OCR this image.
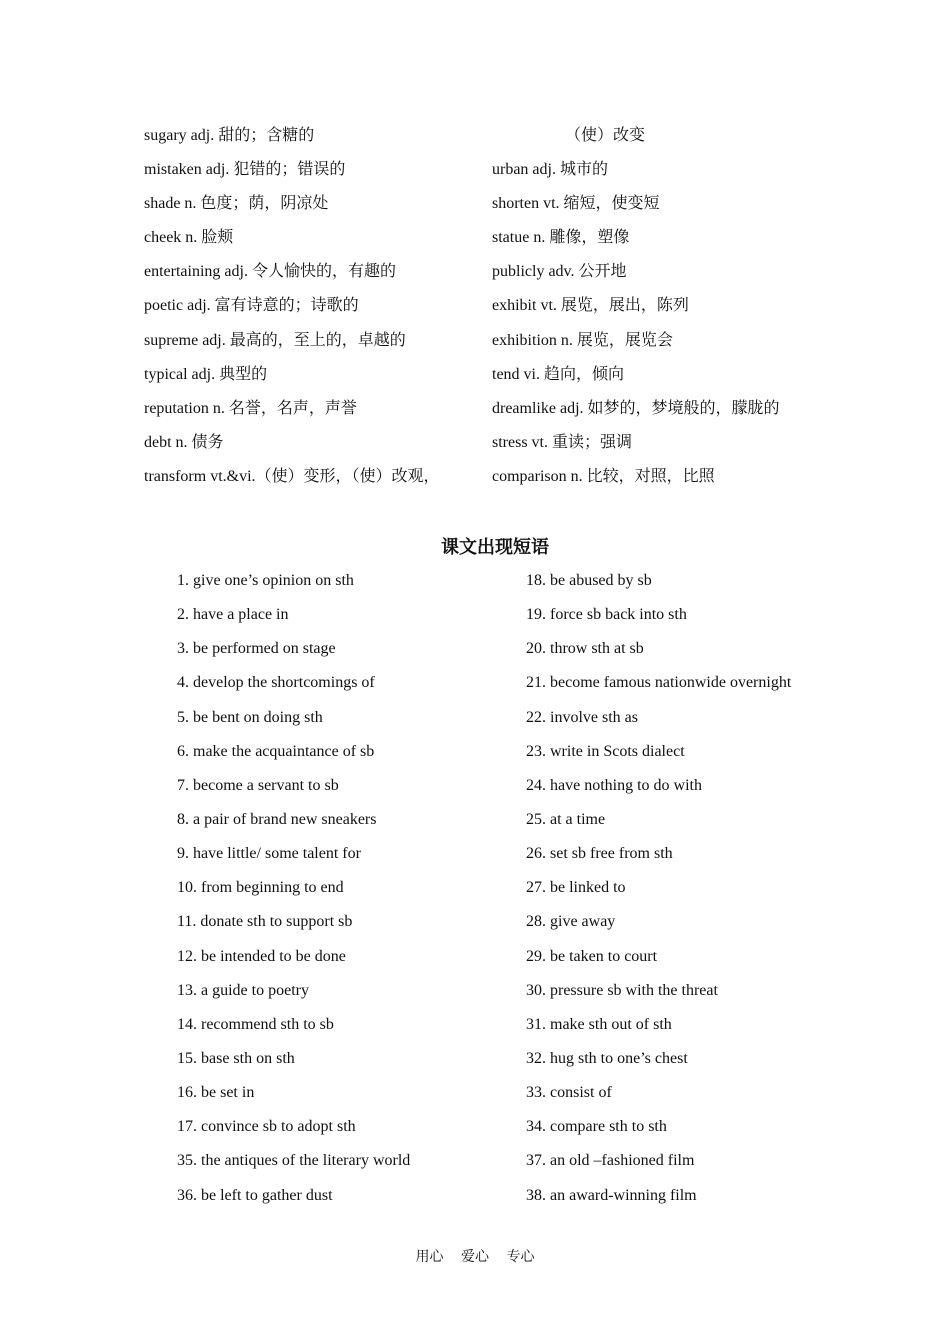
sugary adj. 甜的；含糖的	（使）改变
mistaken adj. 犯错的；错误的	urban adj. 城市的
shade n. 色度；荫，阴凉处	shorten vt. 缩短，使变短
cheek n. 脸颊	statue n. 雕像，塑像
entertaining adj. 令人愉快的，有趣的	publicly adv. 公开地
poetic adj. 富有诗意的；诗歌的	exhibit vt. 展览，展出，陈列
supreme adj. 最高的，至上的，卓越的	exhibition n. 展览，展览会
typical adj. 典型的	tend vi. 趋向，倾向
reputation n. 名誉，名声，声誉	dreamlike adj. 如梦的，梦境般的，朦胧的
debt n. 债务	stress vt. 重读；强调
transform vt.&vi.（使）变形，（使）改观，	comparison n. 比较，对照，比照
课文出现短语
1. give one’s opinion on sth	18. be abused by sb
2. have a place in	19. force sb back into sth
3. be performed on stage	20. throw sth at sb
4. develop the shortcomings of	21. become famous nationwide overnight
5. be bent on doing sth	22. involve sth as
6. make the acquaintance of sb	23. write in Scots dialect
7. become a servant to sb	24. have nothing to do with
8. a pair of brand new sneakers	25. at a time
9. have little/ some talent for	26. set sb free from sth
10. from beginning to end	27. be linked to
11. donate sth to support sb	28. give away
12. be intended to be done	29. be taken to court
13. a guide to poetry	30. pressure sb with the threat
14. recommend sth to sb	31. make sth out of sth
15. base sth on sth	32. hug sth to one’s chest
16. be set in	33. consist of
17. convince sb to adopt sth	34. compare sth to sth
35. the antiques of the literary world	37. an old –fashioned film
36. be left to gather dust	38. an award-winning film
用心 爱心 专心
